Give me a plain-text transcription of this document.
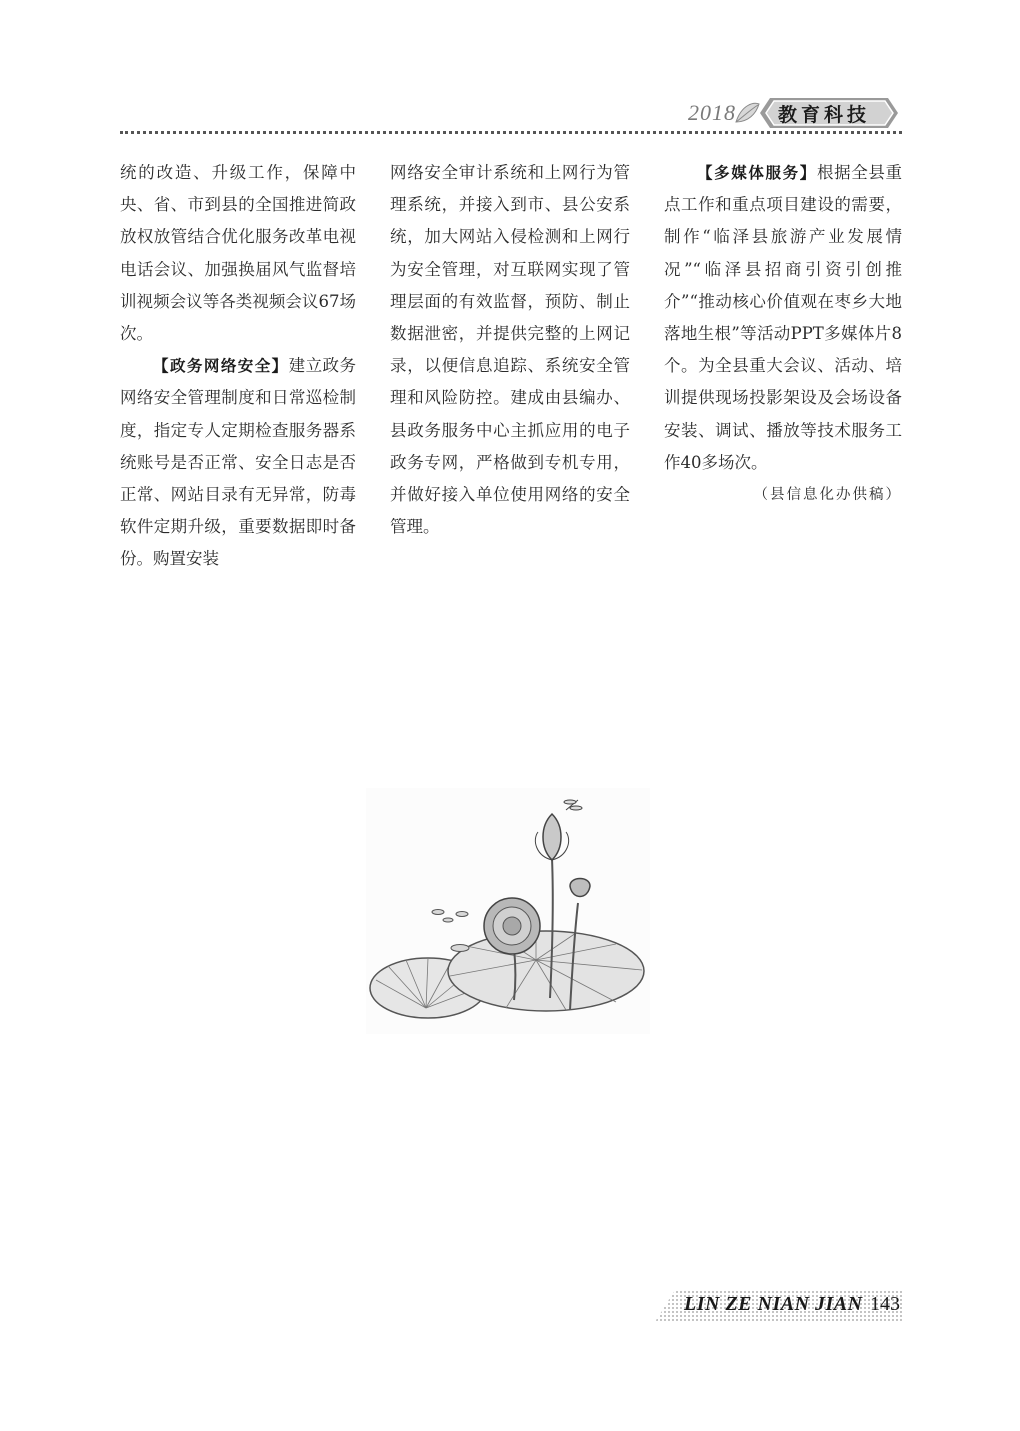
2018 教育科技

统的改造、升级工作，保障中央、省、市到县的全国推进简政放权放管结合优化服务改革电视电话会议、加强换届风气监督培训视频会议等各类视频会议67场次。

【政务网络安全】建立政务网络安全管理制度和日常巡检制度，指定专人定期检查服务器系统账号是否正常、安全日志是否正常、网站目录有无异常，防毒软件定期升级，重要数据即时备份。购置安装

网络安全审计系统和上网行为管理系统，并接入到市、县公安系统，加大网站入侵检测和上网行为安全管理，对互联网实现了管理层面的有效监督，预防、制止数据泄密，并提供完整的上网记录，以便信息追踪、系统安全管理和风险防控。建成由县编办、县政务服务中心主抓应用的电子政务专网，严格做到专机专用，并做好接入单位使用网络的安全管理。

【多媒体服务】根据全县重点工作和重点项目建设的需要，制作“临泽县旅游产业发展情况”“临泽县招商引资引创推介”“推动核心价值观在枣乡大地落地生根”等活动PPT多媒体片8个。为全县重大会议、活动、培训提供现场投影架设及会场设备安装、调试、播放等技术服务工作40多场次。

（县信息化办供稿）

LIN ZE NIAN JIAN 143
